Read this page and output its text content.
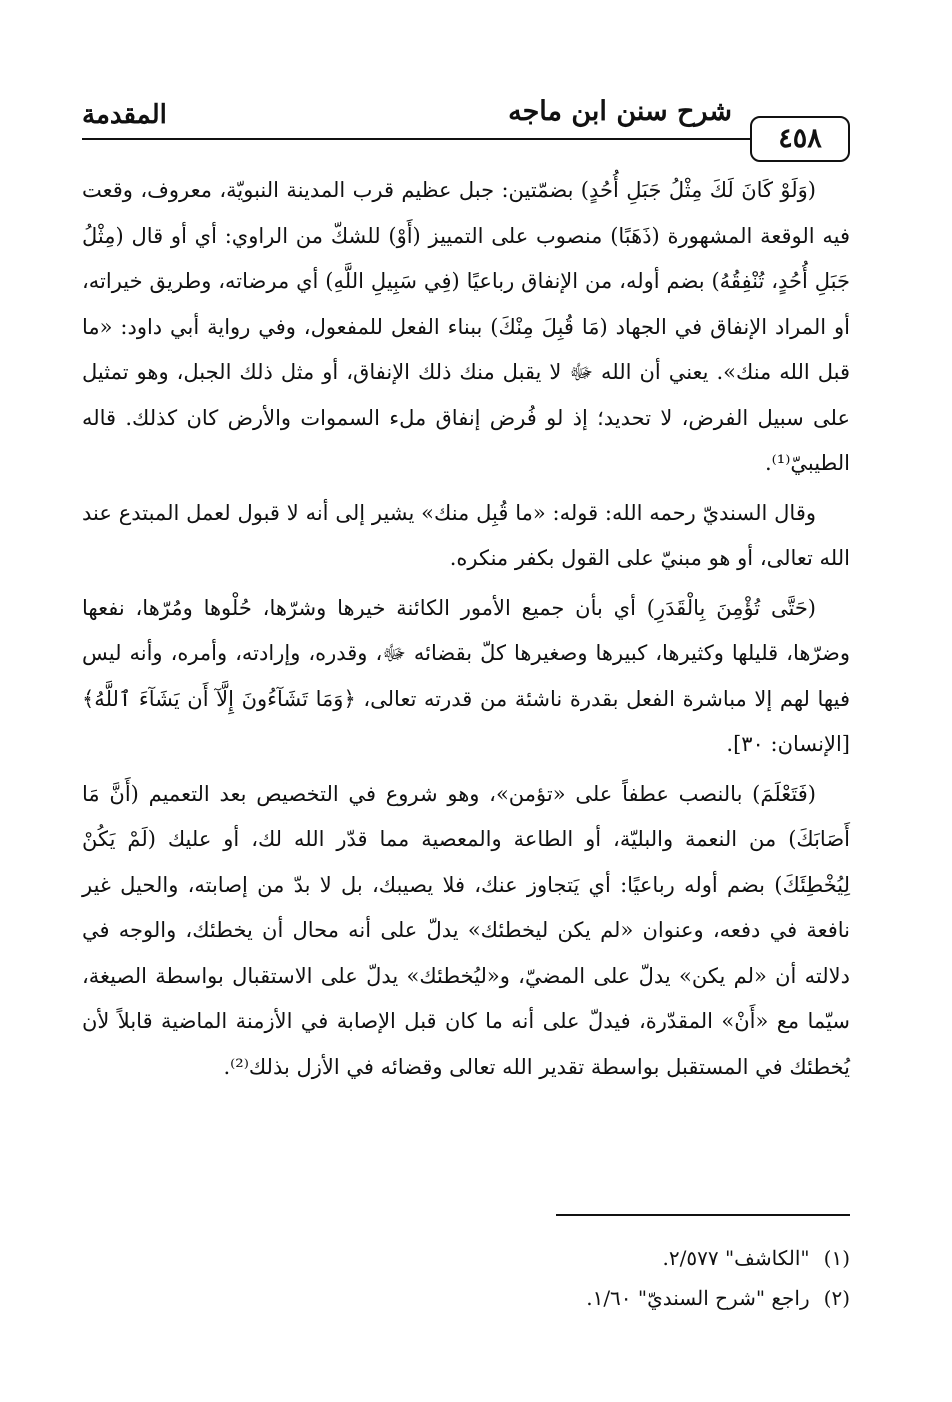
المقدمة	شرح سنن ابن ماجه
٤٥٨

(وَلَوْ كَانَ لَكَ مِثْلُ جَبَلِ أُحُدٍ) بضمّتين: جبل عظيم قرب المدينة النبويّة، معروف، وقعت فيه الوقعة المشهورة (ذَهَبًا) منصوب على التمييز (أَوْ) للشكّ من الراوي: أي أو قال (مِثْلُ جَبَلِ أُحُدٍ، تُنْفِقُهُ) بضم أوله، من الإنفاق رباعيًا (فِي سَبِيلِ اللَّهِ) أي مرضاته، وطريق خيراته، أو المراد الإنفاق في الجهاد (مَا قُبِلَ مِنْكَ) ببناء الفعل للمفعول، وفي رواية أبي داود: «ما قبل الله منك». يعني أن الله ﷻ لا يقبل منك ذلك الإنفاق، أو مثل ذلك الجبل، وهو تمثيل على سبيل الفرض، لا تحديد؛ إذ لو فُرض إنفاق ملء السموات والأرض كان كذلك. قاله الطيبيّ⁽¹⁾.

وقال السنديّ رحمه الله: قوله: «ما قُبِل منك» يشير إلى أنه لا قبول لعمل المبتدع عند الله تعالى، أو هو مبنيّ على القول بكفر منكره.

(حَتَّى تُؤْمِنَ بِالْقَدَرِ) أي بأن جميع الأمور الكائنة خيرها وشرّها، حُلْوها ومُرّها، نفعها وضرّها، قليلها وكثيرها، كبيرها وصغيرها كلّ بقضائه ﷻ، وقدره، وإرادته، وأمره، وأنه ليس فيها لهم إلا مباشرة الفعل بقدرة ناشئة من قدرته تعالى، ﴿وَمَا تَشَآءُونَ إِلَّآ أَن يَشَآءَ ٱللَّهُ﴾ [الإنسان: ٣٠].

(فَتَعْلَمَ) بالنصب عطفاً على «تؤمن»، وهو شروع في التخصيص بعد التعميم (أَنَّ مَا أَصَابَكَ) من النعمة والبليّة، أو الطاعة والمعصية مما قدّر الله لك، أو عليك (لَمْ يَكُنْ لِيُخْطِئَكَ) بضم أوله رباعيًا: أي يَتجاوز عنك، فلا يصيبك، بل لا بدّ من إصابته، والحيل غير نافعة في دفعه، وعنوان «لم يكن ليخطئك» يدلّ على أنه محال أن يخطئك، والوجه في دلالته أن «لم يكن» يدلّ على المضيّ، و«ليُخطئك» يدلّ على الاستقبال بواسطة الصيغة، سيّما مع «أَنْ» المقدّرة، فيدلّ على أنه ما كان قبل الإصابة في الأزمنة الماضية قابلاً لأن يُخطئك في المستقبل بواسطة تقدير الله تعالى وقضائه في الأزل بذلك⁽²⁾.

(١)"الكاشف" ٢/٥٧٧.

(٢)راجع "شرح السنديّ" ١/٦٠.
